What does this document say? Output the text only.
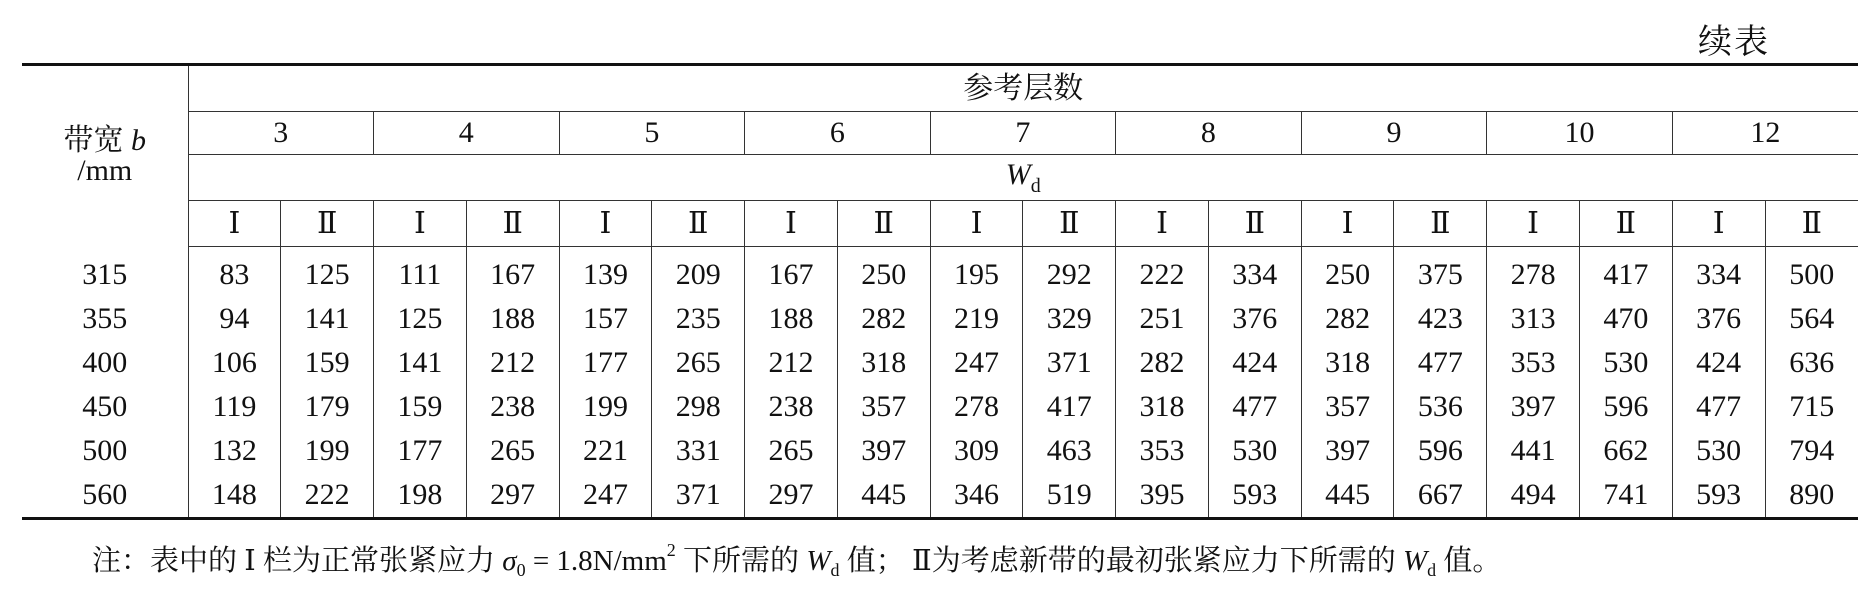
续表
带宽 b
/mm	参考层数																	
	3		4		5		6		7		8		9		10		12	
	$W_d$
	Ⅰ	Ⅱ	Ⅰ	Ⅱ	Ⅰ	Ⅱ	Ⅰ	Ⅱ	Ⅰ	Ⅱ	Ⅰ	Ⅱ	Ⅰ	Ⅱ	Ⅰ	Ⅱ	Ⅰ	Ⅱ
315	83	125	111	167	139	209	167	250	195	292	222	334	250	375	278	417	334	500
355	94	141	125	188	157	235	188	282	219	329	251	376	282	423	313	470	376	564
400	106	159	141	212	177	265	212	318	247	371	282	424	318	477	353	530	424	636
450	119	179	159	238	199	298	238	357	278	417	318	477	357	536	397	596	477	715
500	132	199	177	265	221	331	265	397	309	463	353	530	397	596	441	662	530	794
560	148	222	198	297	247	371	297	445	346	519	395	593	445	667	494	741	593	890
注：表中的 Ⅰ 栏为正常张紧应力 $\sigma_0 = 1.8N/mm^2$ 下所需的 $W_d$ 值； Ⅱ为考虑新带的最初张紧应力下所需的 $W_d$ 值。
